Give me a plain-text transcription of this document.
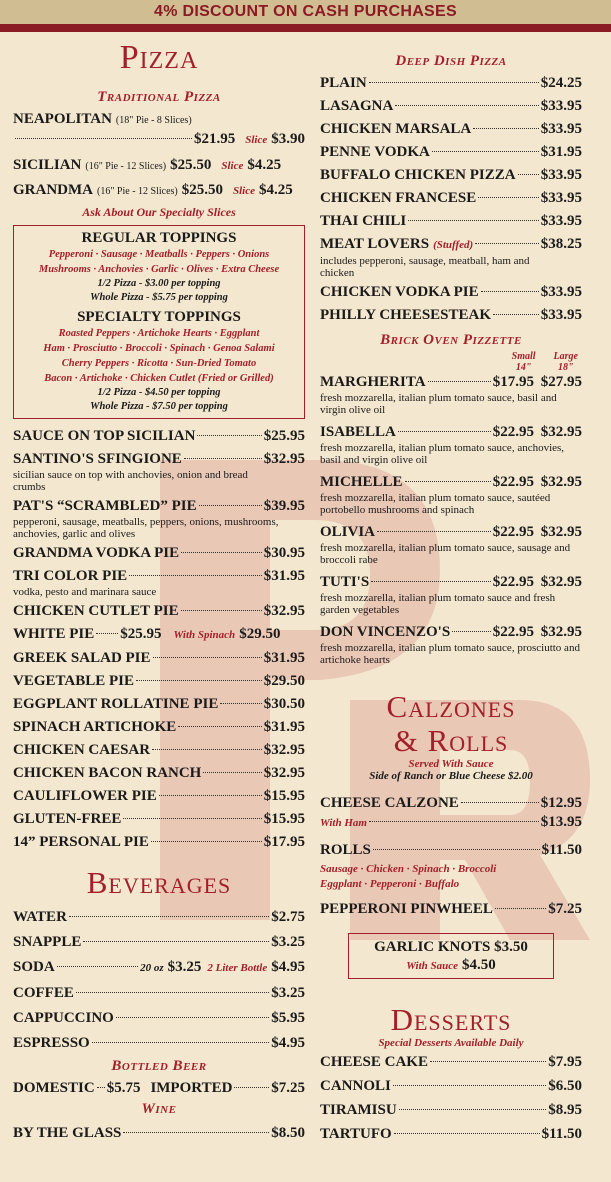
4% DISCOUNT ON CASH PURCHASES
Pizza
Traditional Pizza
NEAPOLITAN (18" Pie - 8 Slices)
$21.95 Slice $3.90
SICILIAN (16" Pie - 12 Slices) $25.50 Slice $4.25
GRANDMA (16" Pie - 12 Slices) $25.50 Slice $4.25
Ask About Our Specialty Slices
REGULAR TOPPINGS
Pepperoni · Sausage · Meatballs · Peppers · Onions
Mushrooms · Anchovies · Garlic · Olives · Extra Cheese
1/2 Pizza - $3.00 per topping
Whole Pizza - $5.75 per topping
SPECIALTY TOPPINGS
Roasted Peppers · Artichoke Hearts · Eggplant
Ham · Prosciutto · Broccoli · Spinach · Genoa Salami
Cherry Peppers · Ricotta · Sun-Dried Tomato
Bacon · Artichoke · Chicken Cutlet (Fried or Grilled)
1/2 Pizza - $4.50 per topping
Whole Pizza - $7.50 per topping
SAUCE ON TOP SICILIAN	$25.95
SANTINO'S SFINGIONE	$32.95
sicilian sauce on top with anchovies, onion and bread crumbs
PAT'S “SCRAMBLED” PIE	$39.95
pepperoni, sausage, meatballs, peppers, onions, mushrooms, anchovies, garlic and olives
GRANDMA VODKA PIE	$30.95
TRI COLOR PIE	$31.95
vodka, pesto and marinara sauce
CHICKEN CUTLET PIE	$32.95
WHITE PIE $25.95 With Spinach $29.50
GREEK SALAD PIE	$31.95
VEGETABLE PIE	$29.50
EGGPLANT ROLLATINE PIE	$30.50
SPINACH ARTICHOKE	$31.95
CHICKEN CAESAR	$32.95
CHICKEN BACON RANCH	$32.95
CAULIFLOWER PIE	$15.95
GLUTEN-FREE	$15.95
14” PERSONAL PIE	$17.95
Beverages
WATER	$2.75
SNAPPLE	$3.25
SODA	20 oz $3.25 2 Liter Bottle $4.95
COFFEE	$3.25
CAPPUCCINO	$5.95
ESPRESSO	$4.95
Bottled Beer
DOMESTIC $5.75 IMPORTED	$7.25
Wine
BY THE GLASS	$8.50
Deep Dish Pizza
PLAIN	$24.25
LASAGNA	$33.95
CHICKEN MARSALA	$33.95
PENNE VODKA	$31.95
BUFFALO CHICKEN PIZZA $33.95
CHICKEN FRANCESE	$33.95
THAI CHILI	$33.95
MEAT LOVERS (Stuffed)	$38.25
includes pepperoni, sausage, meatball, ham and chicken
CHICKEN VODKA PIE	$33.95
PHILLY CHEESESTEAK	$33.95
Brick Oven Pizzette
Small
14"
Large
18"
MARGHERITA	$17.95 $27.95
fresh mozzarella, italian plum tomato sauce, basil and virgin olive oil
ISABELLA	$22.95 $32.95
fresh mozzarella, italian plum tomato sauce, anchovies, basil and virgin olive oil
MICHELLE	$22.95 $32.95
fresh mozzarella, italian plum tomato sauce, sautéed portobello mushrooms and spinach
OLIVIA	$22.95 $32.95
fresh mozzarella, italian plum tomato sauce, sausage and broccoli rabe
TUTI'S	$22.95 $32.95
fresh mozzarella, italian plum tomato sauce and fresh garden vegetables
DON VINCENZO'S	$22.95 $32.95
fresh mozzarella, italian plum tomato sauce, prosciutto and artichoke hearts
Calzones
& Rolls
Served With Sauce
Side of Ranch or Blue Cheese $2.00
CHEESE CALZONE	$12.95
With Ham	$13.95
ROLLS	$11.50
Sausage · Chicken · Spinach · Broccoli
Eggplant · Pepperoni · Buffalo
PEPPERONI PINWHEEL	$7.25
GARLIC KNOTS $3.50
With Sauce $4.50
Desserts
Special Desserts Available Daily
CHEESE CAKE	$7.95
CANNOLI	$6.50
TIRAMISU	$8.95
TARTUFO	$11.50
